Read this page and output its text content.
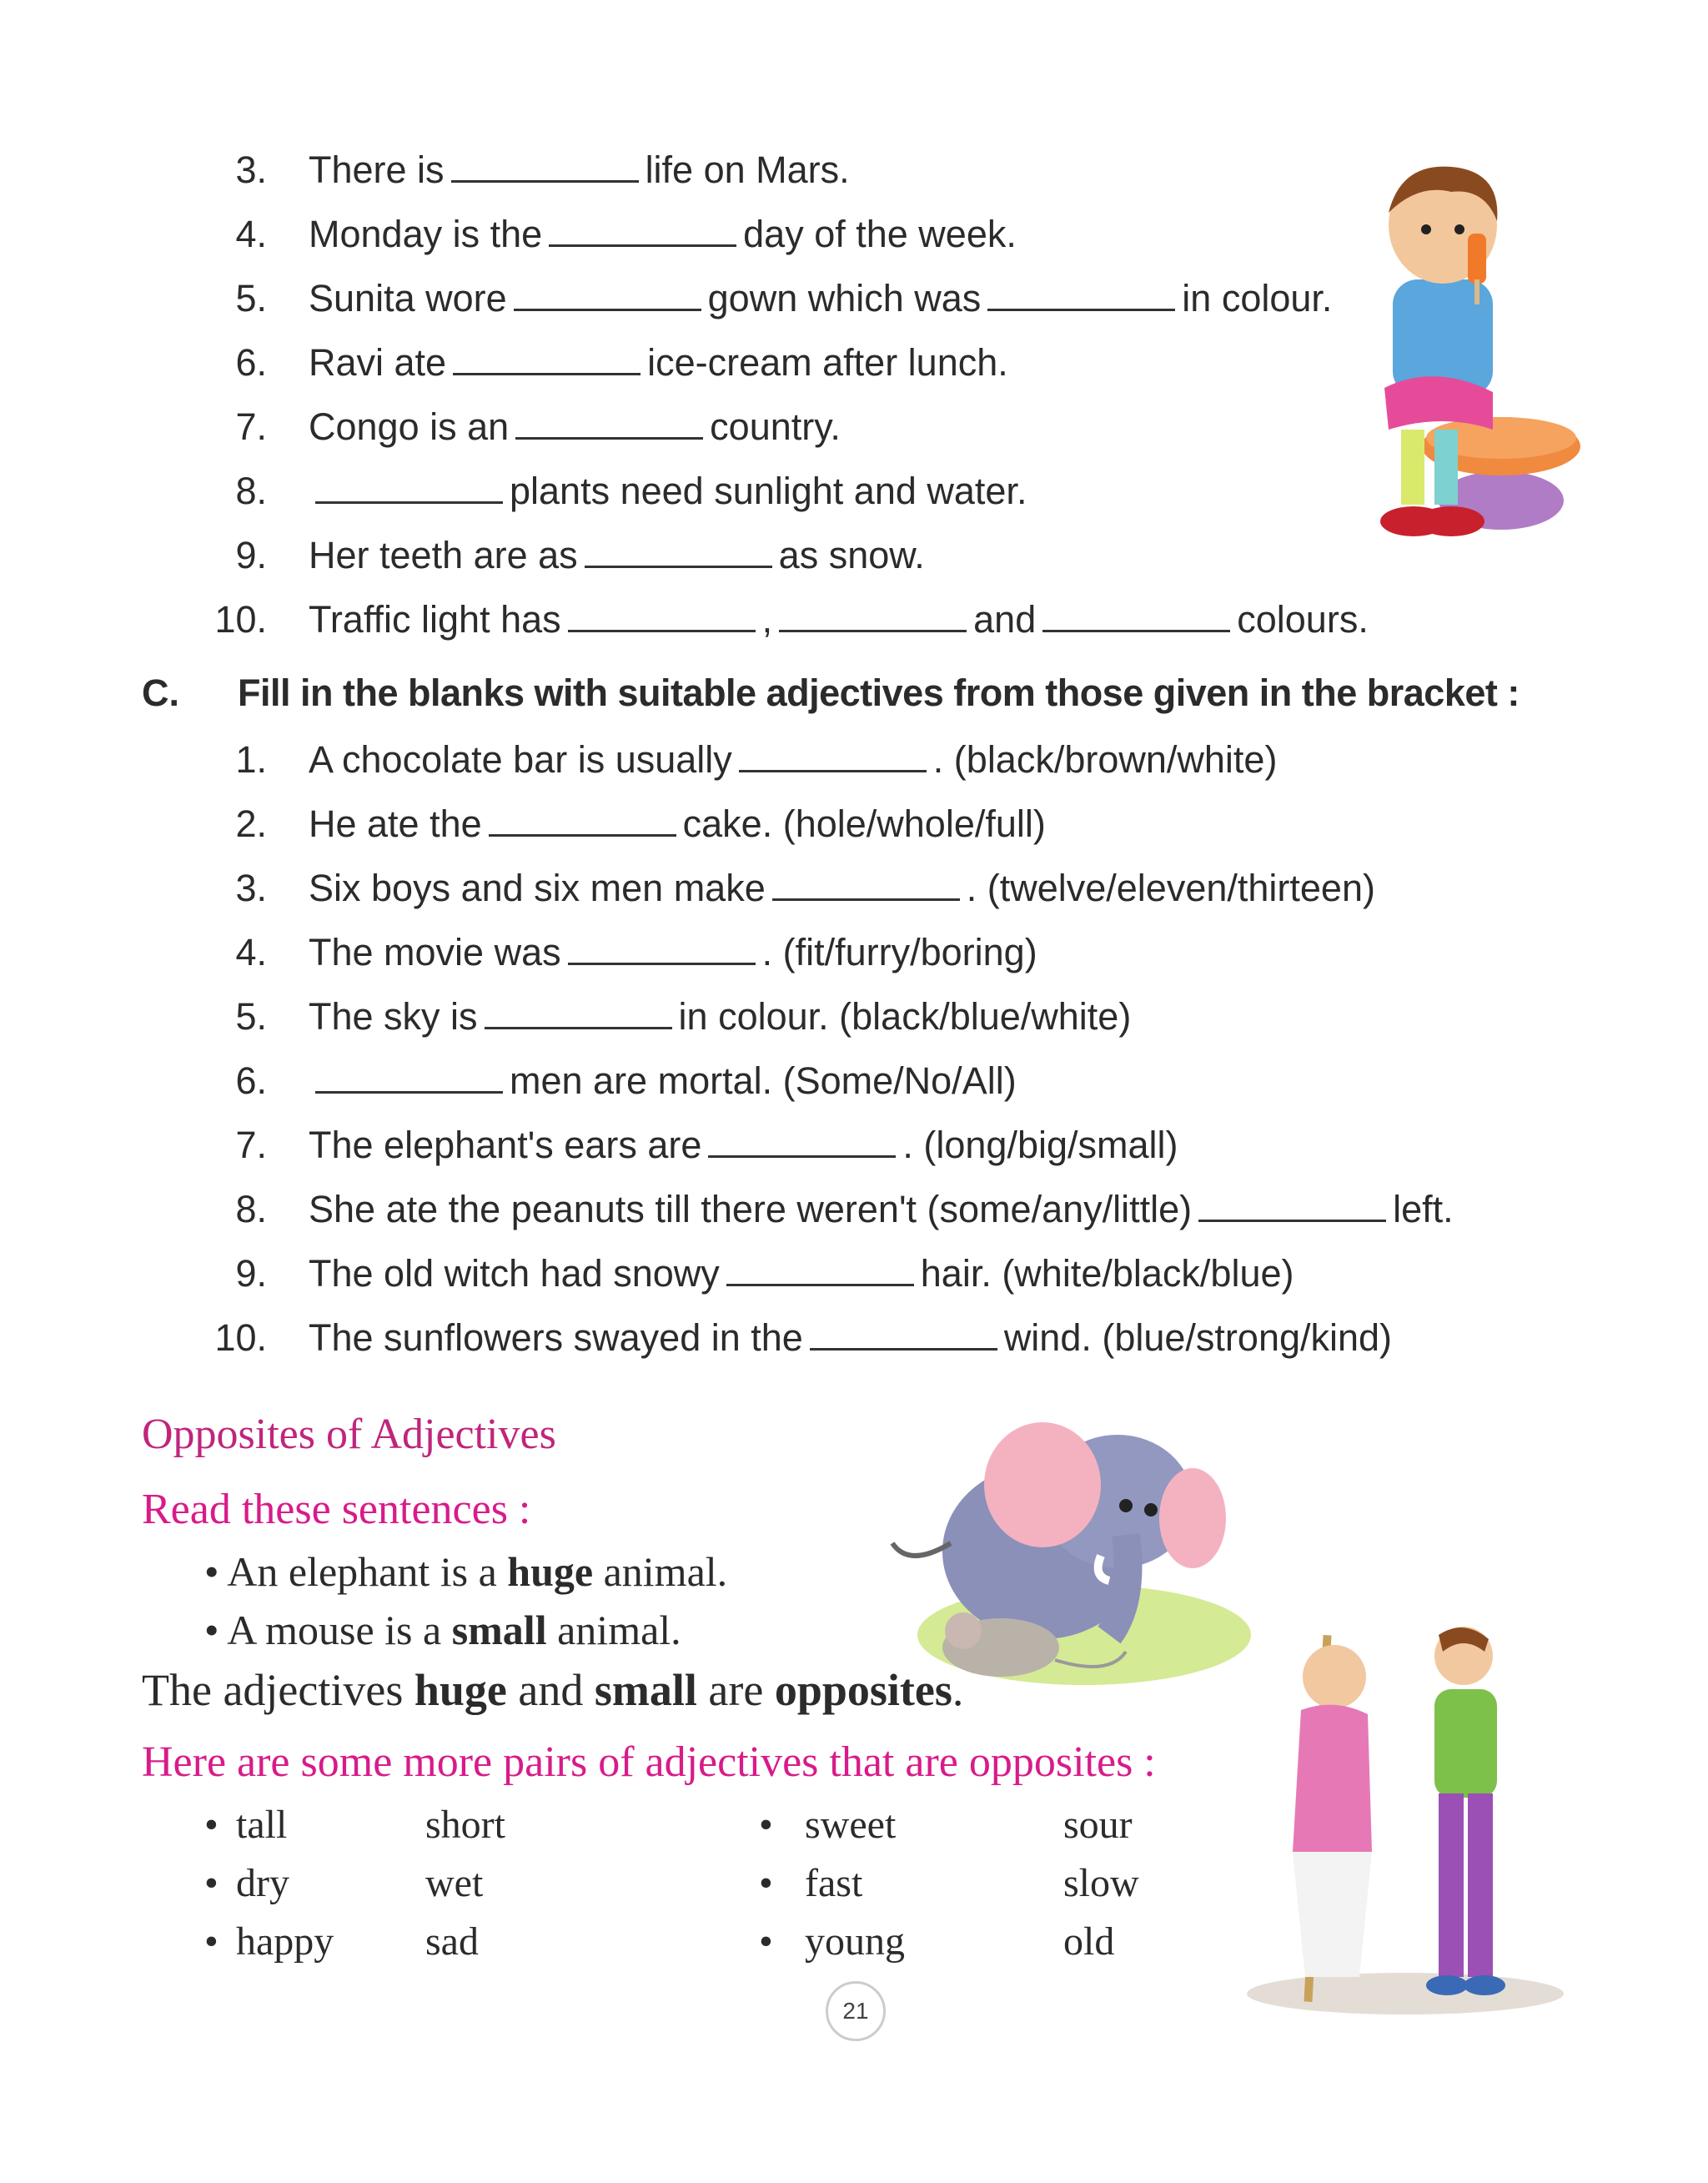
3. There is	life on Mars.
4. Monday is the	day of the week.
5. Sunita wore	gown which was	in colour.
6. Ravi ate	ice-cream after lunch.
7. Congo is an	country.
8.	plants need sunlight and water.
9. Her teeth are as	as snow.
10. Traffic light has	,	and	colours.
C. Fill in the blanks with suitable adjectives from those given in the bracket :
1. A chocolate bar is usually	. (black/brown/white)
2. He ate the	cake. (hole/whole/full)
3. Six boys and six men make	. (twelve/eleven/thirteen)
4. The movie was	. (fit/furry/boring)
5. The sky is	in colour. (black/blue/white)
6.	men are mortal. (Some/No/All)
7. The elephant's ears are	. (long/big/small)
8. She ate the peanuts till there weren't (some/any/little)	left.
9. The old witch had snowy	hair. (white/black/blue)
10. The sunflowers swayed in the	wind. (blue/strong/kind)
Opposites of Adjectives
Read these sentences :
• An elephant is a huge animal.
• A mouse is a small animal.
The adjectives huge and small are opposites.
Here are some more pairs of adjectives that are opposites :
• tall	short
• dry	wet
• happy sad
• sweet	sour
• fast	slow
• young	old
21
